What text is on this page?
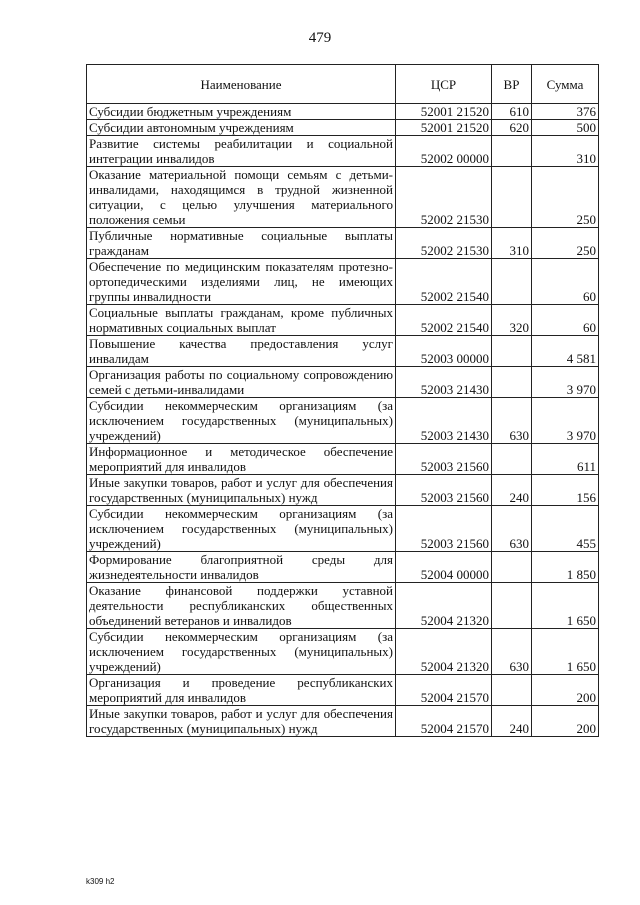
479
Наименование	ЦСР	ВР	Сумма
Субсидии бюджетным учреждениям	52001 21520	610	376
Субсидии автономным учреждениям	52001 21520	620	500
Развитие системы реабилитации и социальной интеграции инвалидов	52002 00000		310
Оказание материальной помощи семьям с детьми-инвалидами, находящимся в трудной жизненной ситуации, с целью улучшения материального положения семьи	52002 21530		250
Публичные нормативные социальные выплаты гражданам	52002 21530	310	250
Обеспечение по медицинским показателям протезно-ортопедическими изделиями лиц, не имеющих группы инвалидности	52002 21540		60
Социальные выплаты гражданам, кроме публичных нормативных социальных выплат	52002 21540	320	60
Повышение качества предоставления услуг инвалидам	52003 00000		4 581
Организация работы по социальному сопровождению семей с детьми-инвалидами	52003 21430		3 970
Субсидии некоммерческим организациям (за исключением государственных (муниципальных) учреждений)	52003 21430	630	3 970
Информационное и методическое обеспечение мероприятий для инвалидов	52003 21560		611
Иные закупки товаров, работ и услуг для обеспечения государственных (муниципальных) нужд	52003 21560	240	156
Субсидии некоммерческим организациям (за исключением государственных (муниципальных) учреждений)	52003 21560	630	455
Формирование благоприятной среды для жизнедеятельности инвалидов	52004 00000		1 850
Оказание финансовой поддержки уставной деятельности республиканских общественных объединений ветеранов и инвалидов	52004 21320		1 650
Субсидии некоммерческим организациям (за исключением государственных (муниципальных) учреждений)	52004 21320	630	1 650
Организация и проведение республиканских мероприятий для инвалидов	52004 21570		200
Иные закупки товаров, работ и услуг для обеспечения государственных (муниципальных) нужд	52004 21570	240	200
k309 h2
